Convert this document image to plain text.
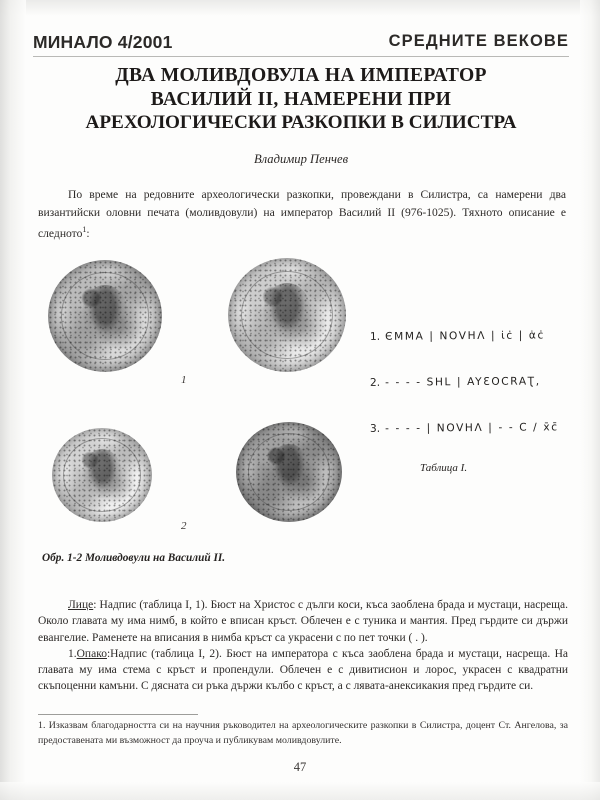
МИНАЛО 4/2001	СРЕДНИТЕ ВЕКОВЕ
ДВА МОЛИВДОВУЛА НА ИМПЕРАТОР
ВАСИЛИЙ II, НАМЕРЕНИ ПРИ
АРЕХОЛОГИЧЕСКИ РАЗКОПКИ В СИЛИСТРА
Владимир Пенчев
По време на редовните археологически разкопки, провеждани в Силистра, са намерени два византийски оловни печата (моливдовули) на император Василий II (976-1025). Тяхното описание е следното$^1$:
1
2
Обр. 1-2 Моливдовули на Василий II.
1. ЄMMA | NOVHΛ | ι̇ċ | α̇ċ
2. - - - - ЅHL | AYƐOCRAƮ,
3. - - - - | NOVHΛ | - - C / x̄c̄
Таблица I.

Лице: Надпис (таблица I, 1). Бюст на Христос с дълги коси, къса заоблена брада и мустаци, насреща. Около главата му има нимб, в който е вписан кръст. Облечен е с туника и мантия. Пред гърдите си държи евангелие. Раменете на вписания в нимба кръст са украсени с по пет точки ( . ).

1.Опако:Надпис (таблица I, 2). Бюст на императора с къса заоблена брада и мустаци, насреща. На главата му има стема с кръст и пропендули. Облечен е с дивитисион и лорос, украсен с квадратни скъпоценни камъни. С дясната си ръка държи кълбо с кръст, а с лявата-анексикакия пред гърдите си.

1. Изказвам благодарността си на научния ръководител на археологическите разкопки в Силистра, доцент Ст. Ангелова, за предоставената ми възможност да проуча и публикувам моливдовулите.
47
